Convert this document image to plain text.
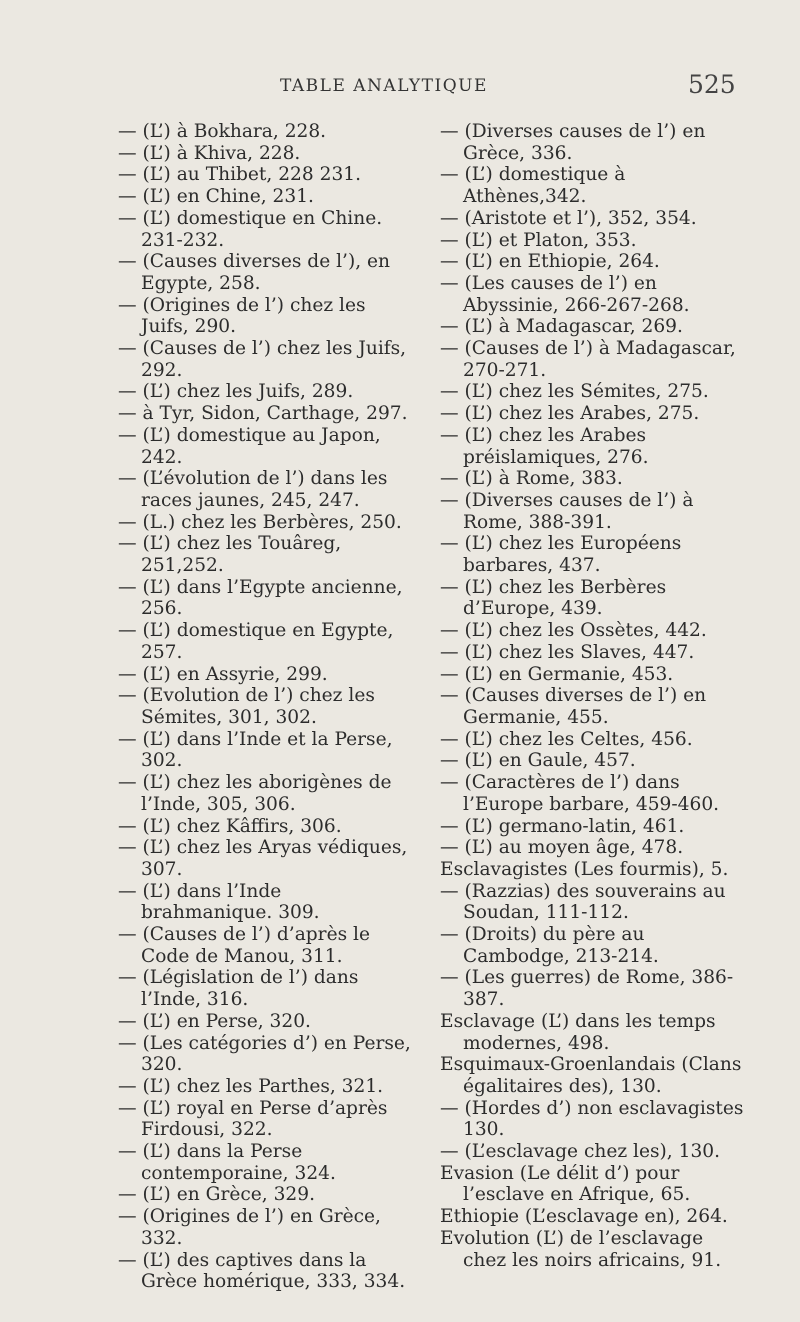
TABLE ANALYTIQUE	525

— (L’) à Bokhara, 228.

— (L’) à Khiva, 228.

— (L’) au Thibet, 228 231.

— (L’) en Chine, 231.

— (L’) domestique en Chine. 231-232.

— (Causes diverses de l’), en Egypte, 258.

— (Origines de l’) chez les Juifs, 290.

— (Causes de l’) chez les Juifs, 292.

— (L’) chez les Juifs, 289.

— à Tyr, Sidon, Carthage, 297.

— (L’) domestique au Japon, 242.

— (L’évolution de l’) dans les races jaunes, 245, 247.

— (L.) chez les Berbères, 250.

— (L’) chez les Touâreg, 251,252.

— (L’) dans l’Egypte ancienne, 256.

— (L’) domestique en Egypte, 257.

— (L’) en Assyrie, 299.

— (Evolution de l’) chez les Sémites, 301, 302.

— (L’) dans l’Inde et la Perse, 302.

— (L’) chez les aborigènes de l’Inde, 305, 306.

— (L’) chez Kâffirs, 306.

— (L’) chez les Aryas védiques, 307.

— (L’) dans l’Inde brahmanique. 309.

— (Causes de l’) d’après le Code de Manou, 311.

— (Législation de l’) dans l’Inde, 316.

— (L’) en Perse, 320.

— (Les catégories d’) en Perse, 320.

— (L’) chez les Parthes, 321.

— (L’) royal en Perse d’après Firdousi, 322.

— (L’) dans la Perse contemporaine, 324.

— (L’) en Grèce, 329.

— (Origines de l’) en Grèce, 332.

— (L’) des captives dans la Grèce homérique, 333, 334.

— (Diverses causes de l’) en Grèce, 336.

— (L’) domestique à Athènes,342.

— (Aristote et l’), 352, 354.

— (L’) et Platon, 353.

— (L’) en Ethiopie, 264.

— (Les causes de l’) en Abyssinie, 266-267-268.

— (L’) à Madagascar, 269.

— (Causes de l’) à Madagascar, 270-271.

— (L’) chez les Sémites, 275.

— (L’) chez les Arabes, 275.

— (L’) chez les Arabes préislamiques, 276.

— (L’) à Rome, 383.

— (Diverses causes de l’) à Rome, 388-391.

— (L’) chez les Européens barbares, 437.

— (L’) chez les Berbères d’Europe, 439.

— (L’) chez les Ossètes, 442.

— (L’) chez les Slaves, 447.

— (L’) en Germanie, 453.

— (Causes diverses de l’) en Germanie, 455.

— (L’) chez les Celtes, 456.

— (L’) en Gaule, 457.

— (Caractères de l’) dans l’Europe barbare, 459-460.

— (L’) germano-latin, 461.

— (L’) au moyen âge, 478.

Esclavagistes (Les fourmis), 5.

— (Razzias) des souverains au Soudan, 111-112.

— (Droits) du père au Cambodge, 213-214.

— (Les guerres) de Rome, 386-387.

Esclavage (L’) dans les temps modernes, 498.

Esquimaux-Groenlandais (Clans égalitaires des), 130.

— (Hordes d’) non esclavagistes 130.

— (L’esclavage chez les), 130.

Evasion (Le délit d’) pour l’esclave en Afrique, 65.

Ethiopie (L’esclavage en), 264.

Evolution (L’) de l’esclavage chez les noirs africains, 91.
